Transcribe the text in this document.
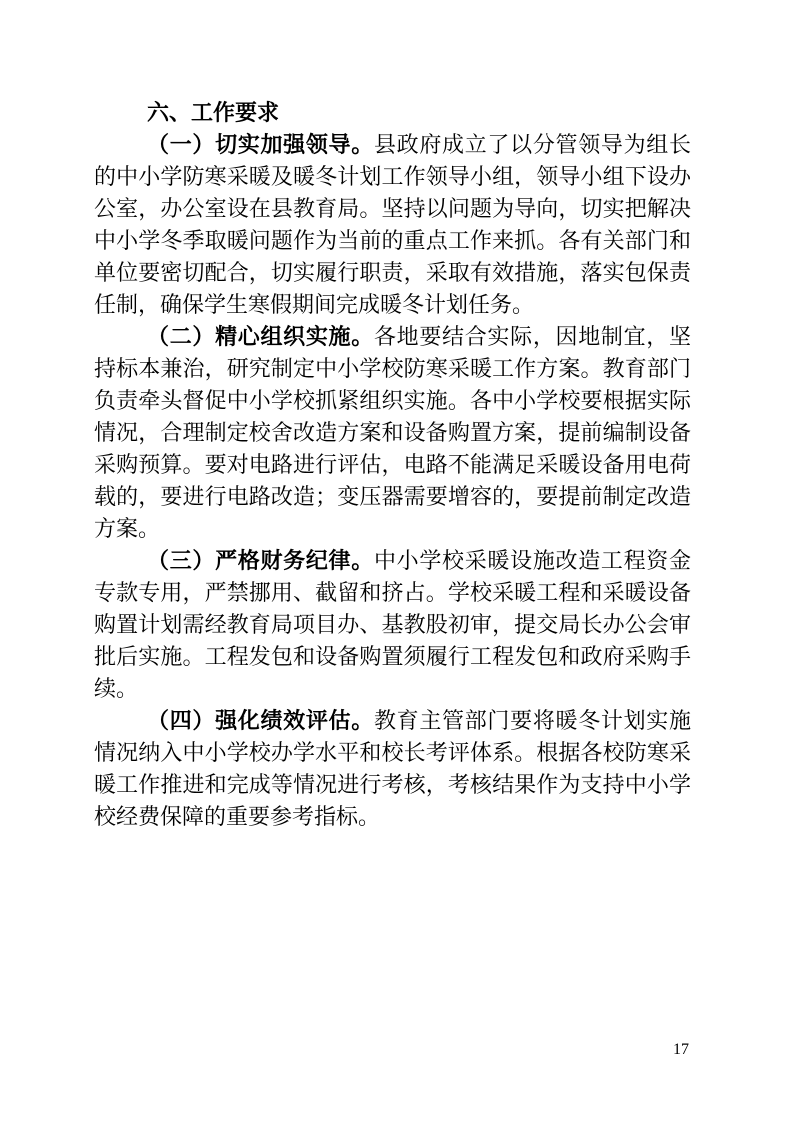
六、工作要求

（一）切实加强领导。县政府成立了以分管领导为组长的中小学防寒采暖及暖冬计划工作领导小组，领导小组下设办公室，办公室设在县教育局。坚持以问题为导向，切实把解决中小学冬季取暖问题作为当前的重点工作来抓。各有关部门和单位要密切配合，切实履行职责，采取有效措施，落实包保责任制，确保学生寒假期间完成暖冬计划任务。

（二）精心组织实施。各地要结合实际，因地制宜，坚持标本兼治，研究制定中小学校防寒采暖工作方案。教育部门负责牵头督促中小学校抓紧组织实施。各中小学校要根据实际情况，合理制定校舍改造方案和设备购置方案，提前编制设备采购预算。要对电路进行评估，电路不能满足采暖设备用电荷载的，要进行电路改造；变压器需要增容的，要提前制定改造方案。

（三）严格财务纪律。中小学校采暖设施改造工程资金专款专用，严禁挪用、截留和挤占。学校采暖工程和采暖设备购置计划需经教育局项目办、基教股初审，提交局长办公会审批后实施。工程发包和设备购置须履行工程发包和政府采购手续。

（四）强化绩效评估。教育主管部门要将暖冬计划实施情况纳入中小学校办学水平和校长考评体系。根据各校防寒采暖工作推进和完成等情况进行考核，考核结果作为支持中小学校经费保障的重要参考指标。

17
